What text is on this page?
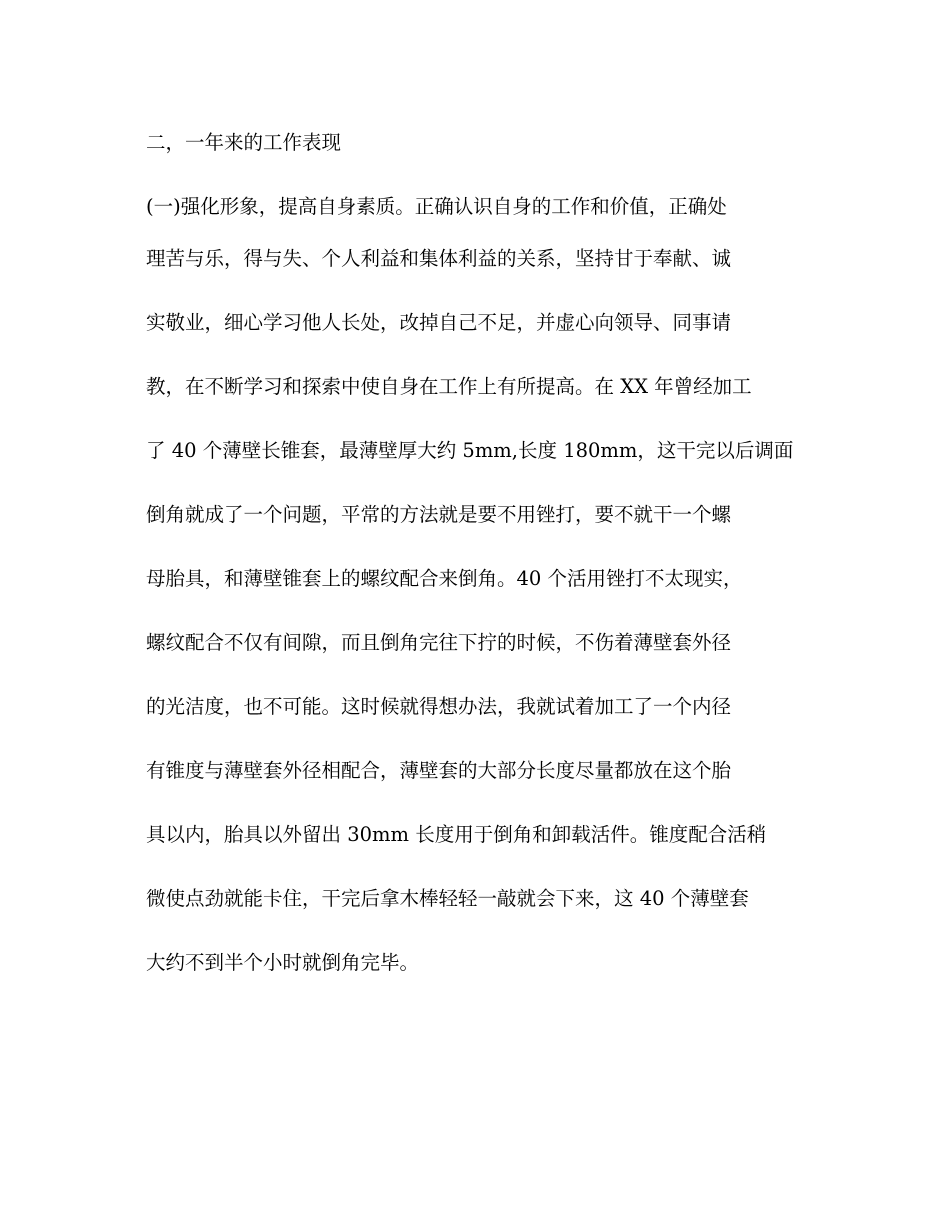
二，一年来的工作表现
(一)强化形象，提高自身素质。正确认识自身的工作和价值，正确处
理苦与乐，得与失、个人利益和集体利益的关系，坚持甘于奉献、诚
实敬业，细心学习他人长处，改掉自己不足，并虚心向领导、同事请
教，在不断学习和探索中使自身在工作上有所提高。在 XX 年曾经加工
了 40 个薄壁长锥套，最薄壁厚大约 5mm,长度 180mm，这干完以后调面
倒角就成了一个问题，平常的方法就是要不用锉打，要不就干一个螺
母胎具，和薄壁锥套上的螺纹配合来倒角。40 个活用锉打不太现实，
螺纹配合不仅有间隙，而且倒角完往下拧的时候，不伤着薄壁套外径
的光洁度，也不可能。这时候就得想办法，我就试着加工了一个内径
有锥度与薄壁套外径相配合，薄壁套的大部分长度尽量都放在这个胎
具以内，胎具以外留出 30mm 长度用于倒角和卸载活件。锥度配合活稍
微使点劲就能卡住，干完后拿木棒轻轻一敲就会下来，这 40 个薄壁套
大约不到半个小时就倒角完毕。
